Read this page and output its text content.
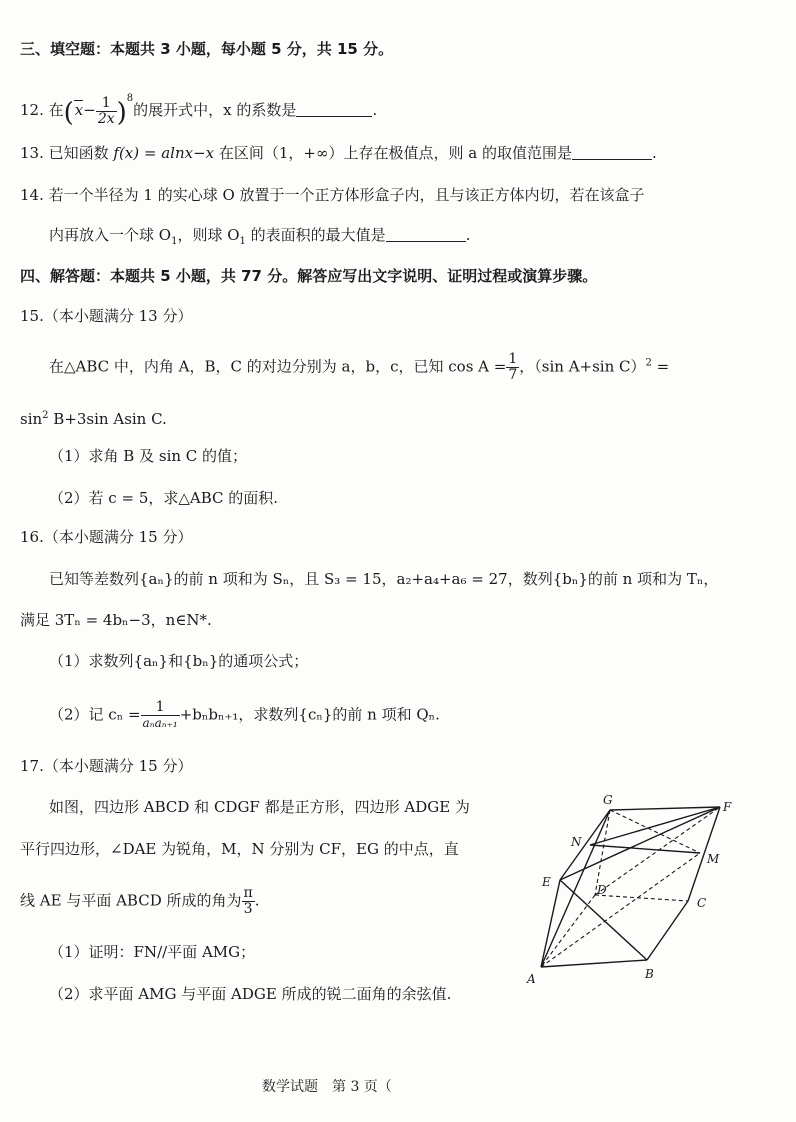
三、填空题：本题共 3 小题，每小题 5 分，共 15 分。
12. 在$(x- \frac{1}{2x} )^8$的展开式中，x 的系数是	.
13. 已知函数 f(x) = alnx−x 在区间（1，+∞）上存在极值点，则 a 的取值范围是	.
14. 若一个半径为 1 的实心球 O 放置于一个正方体形盒子内，且与该正方体内切，若在该盒子
内再放入一个球 $O_1$，则球 $O_1$ 的表面积的最大值是	.
四、解答题：本题共 5 小题，共 77 分。解答应写出文字说明、证明过程或演算步骤。
15.（本小题满分 13 分）
在△ABC 中，内角 A，B，C 的对边分别为 a，b，c，已知 $\cos A = \frac{1}{7}$ ，（sin A+sin C）$^2$ =
$\sin^2 B+3\sin$ Asin C.
（1）求角 B 及 sin C 的值；
（2）若 c = 5，求△ABC 的面积.
16.（本小题满分 15 分）
已知等差数列{aₙ}的前 n 项和为 Sₙ，且 S₃ = 15，a₂+a₄+a₆ = 27，数列{bₙ}的前 n 项和为 Tₙ，
满足 3Tₙ = 4bₙ−3，n∈N*.
（1）求数列{aₙ}和{bₙ}的通项公式；
（2）记 $c_n = \frac{1}{\text{aₙaₙ₊₁}} +b_nb_{n+1}$，求数列{cₙ}的前 n 项和 Qₙ.
17.（本小题满分 15 分）
如图，四边形 ABCD 和 CDGF 都是正方形，四边形 ADGE 为
平行四边形，∠DAE 为锐角，M，N 分别为 CF，EG 的中点，直
线 AE 与平面 ABCD 所成的角为 $\frac{\pi}{3}$ .
（1）证明：FN//平面 AMG；
（2）求平面 AMG 与平面 ADGE 所成的锐二面角的余弦值.
G	F
N
M
E
D
C
A	B
数学试题　第 3 页（
